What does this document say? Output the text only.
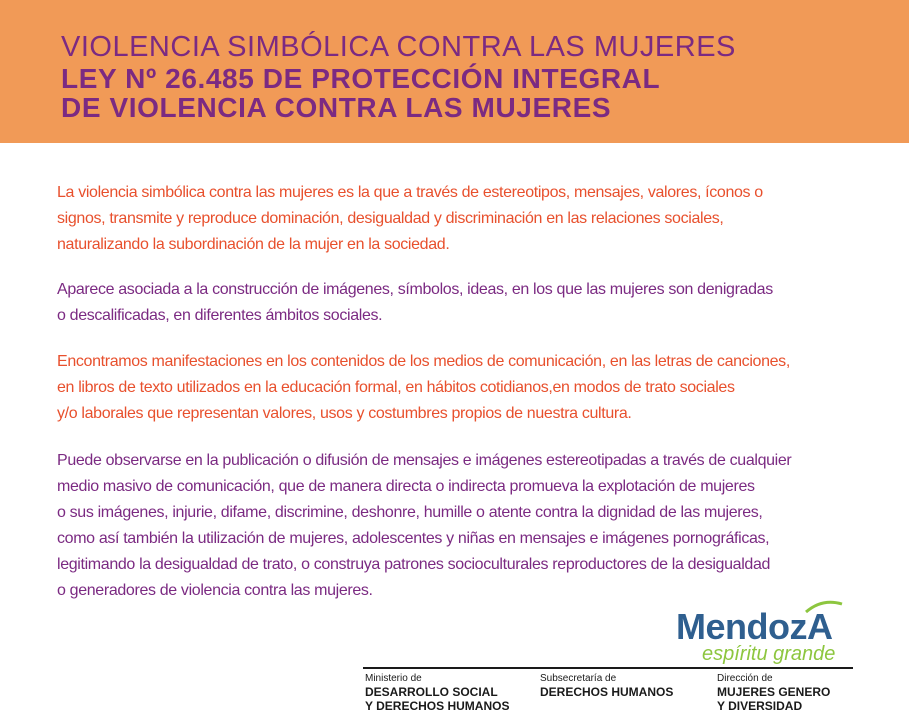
VIOLENCIA SIMBÓLICA CONTRA LAS MUJERES
LEY Nº 26.485 DE PROTECCIÓN INTEGRAL
DE VIOLENCIA CONTRA LAS MUJERES
La violencia simbólica contra las mujeres es la que a través de estereotipos, mensajes, valores, íconos o
signos, transmite y reproduce dominación, desigualdad y discriminación en las relaciones sociales,
naturalizando la subordinación de la mujer en la sociedad.
Aparece asociada a la construcción de imágenes, símbolos, ideas, en los que las mujeres son denigradas
o descalificadas, en diferentes ámbitos sociales.
Encontramos manifestaciones en los contenidos de los medios de comunicación, en las letras de canciones,
en libros de texto utilizados en la educación formal, en hábitos cotidianos,en modos de trato sociales
y/o laborales que representan valores, usos y costumbres propios de nuestra cultura.
Puede observarse en la publicación o difusión de mensajes e imágenes estereotipadas a través de cualquier
medio masivo de comunicación, que de manera directa o indirecta promueva la explotación de mujeres
o sus imágenes, injurie, difame, discrimine, deshonre, humille o atente contra la dignidad de las mujeres,
como así también la utilización de mujeres, adolescentes y niñas en mensajes e imágenes pornográficas,
legitimando la desigualdad de trato, o construya patrones socioculturales reproductores de la desigualdad
o generadores de violencia contra las mujeres.
MendozA
espíritu grande
Ministerio de
DESARROLLO SOCIAL
Y DERECHOS HUMANOS
Subsecretaría de
DERECHOS HUMANOS
Dirección de
MUJERES GENERO
Y DIVERSIDAD
